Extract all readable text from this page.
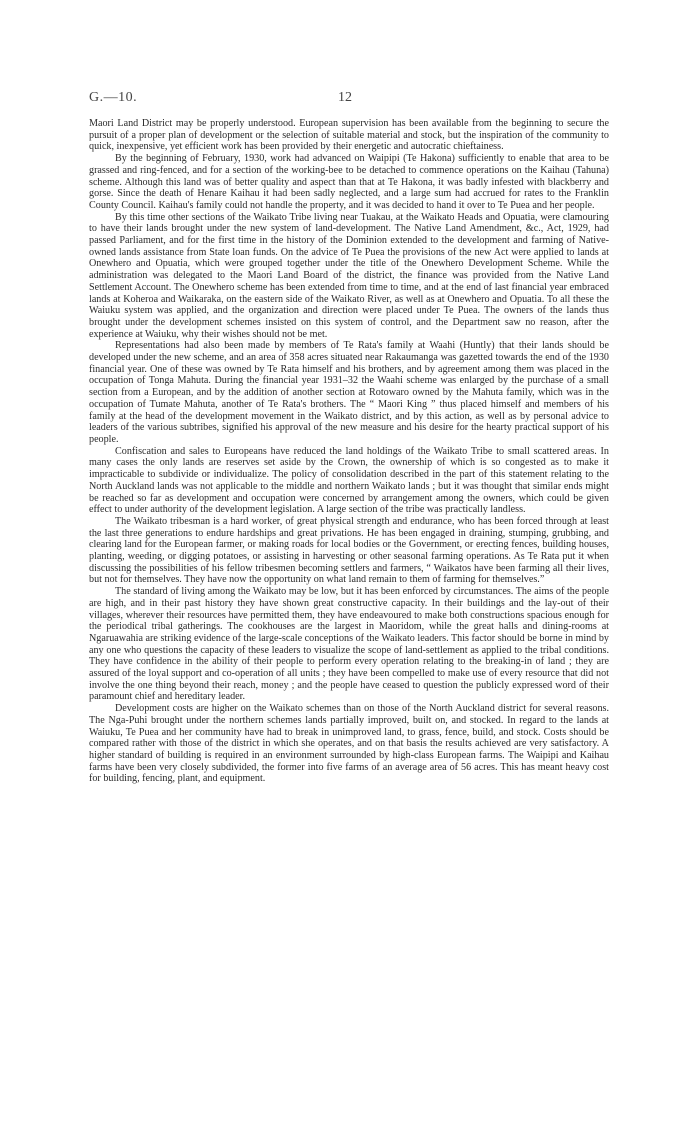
G.—10.	12

Maori Land District may be properly understood. European supervision has been available from the beginning to secure the pursuit of a proper plan of development or the selection of suitable material and stock, but the inspiration of the community to quick, inexpensive, yet efficient work has been provided by their energetic and autocratic chieftainess.

By the beginning of February, 1930, work had advanced on Waipipi (Te Hakona) sufficiently to enable that area to be grassed and ring-fenced, and for a section of the working-bee to be detached to commence operations on the Kaihau (Tahuna) scheme. Although this land was of better quality and aspect than that at Te Hakona, it was badly infested with blackberry and gorse. Since the death of Henare Kaihau it had been sadly neglected, and a large sum had accrued for rates to the Franklin County Council. Kaihau's family could not handle the property, and it was decided to hand it over to Te Puea and her people.

By this time other sections of the Waikato Tribe living near Tuakau, at the Waikato Heads and Opuatia, were clamouring to have their lands brought under the new system of land-development. The Native Land Amendment, &c., Act, 1929, had passed Parliament, and for the first time in the history of the Dominion extended to the development and farming of Native-owned lands assistance from State loan funds. On the advice of Te Puea the provisions of the new Act were applied to lands at Onewhero and Opuatia, which were grouped together under the title of the Onewhero Development Scheme. While the administration was delegated to the Maori Land Board of the district, the finance was provided from the Native Land Settlement Account. The Onewhero scheme has been extended from time to time, and at the end of last financial year embraced lands at Koheroa and Waikaraka, on the eastern side of the Waikato River, as well as at Onewhero and Opuatia. To all these the Waiuku system was applied, and the organization and direction were placed under Te Puea. The owners of the lands thus brought under the development schemes insisted on this system of control, and the Department saw no reason, after the experience at Waiuku, why their wishes should not be met.

Representations had also been made by members of Te Rata's family at Waahi (Huntly) that their lands should be developed under the new scheme, and an area of 358 acres situated near Rakaumanga was gazetted towards the end of the 1930 financial year. One of these was owned by Te Rata himself and his brothers, and by agreement among them was placed in the occupation of Tonga Mahuta. During the financial year 1931–32 the Waahi scheme was enlarged by the purchase of a small section from a European, and by the addition of another section at Rotowaro owned by the Mahuta family, which was in the occupation of Tumate Mahuta, another of Te Rata's brothers. The “ Maori King ” thus placed himself and members of his family at the head of the development movement in the Waikato district, and by this action, as well as by personal advice to leaders of the various subtribes, signified his approval of the new measure and his desire for the hearty practical support of his people.

Confiscation and sales to Europeans have reduced the land holdings of the Waikato Tribe to small scattered areas. In many cases the only lands are reserves set aside by the Crown, the ownership of which is so congested as to make it impracticable to subdivide or individualize. The policy of consolidation described in the part of this statement relating to the North Auckland lands was not applicable to the middle and northern Waikato lands ; but it was thought that similar ends might be reached so far as development and occupation were concerned by arrangement among the owners, which could be given effect to under authority of the development legislation. A large section of the tribe was practically landless.

The Waikato tribesman is a hard worker, of great physical strength and endurance, who has been forced through at least the last three generations to endure hardships and great privations. He has been engaged in draining, stumping, grubbing, and clearing land for the European farmer, or making roads for local bodies or the Government, or erecting fences, building houses, planting, weeding, or digging potatoes, or assisting in harvesting or other seasonal farming operations. As Te Rata put it when discussing the possibilities of his fellow tribesmen becoming settlers and farmers, “ Waikatos have been farming all their lives, but not for themselves. They have now the opportunity on what land remain to them of farming for themselves.”

The standard of living among the Waikato may be low, but it has been enforced by circumstances. The aims of the people are high, and in their past history they have shown great constructive capacity. In their buildings and the lay-out of their villages, wherever their resources have permitted them, they have endeavoured to make both constructions spacious enough for the periodical tribal gatherings. The cookhouses are the largest in Maoridom, while the great halls and dining-rooms at Ngaruawahia are striking evidence of the large-scale conceptions of the Waikato leaders. This factor should be borne in mind by any one who questions the capacity of these leaders to visualize the scope of land-settlement as applied to the tribal conditions. They have confidence in the ability of their people to perform every operation relating to the breaking-in of land ; they are assured of the loyal support and co-operation of all units ; they have been compelled to make use of every resource that did not involve the one thing beyond their reach, money ; and the people have ceased to question the publicly expressed word of their paramount chief and hereditary leader.

Development costs are higher on the Waikato schemes than on those of the North Auckland district for several reasons. The Nga-Puhi brought under the northern schemes lands partially improved, built on, and stocked. In regard to the lands at Waiuku, Te Puea and her community have had to break in unimproved land, to grass, fence, build, and stock. Costs should be compared rather with those of the district in which she operates, and on that basis the results achieved are very satisfactory. A higher standard of building is required in an environment surrounded by high-class European farms. The Waipipi and Kaihau farms have been very closely subdivided, the former into five farms of an average area of 56 acres. This has meant heavy cost for building, fencing, plant, and equipment.
